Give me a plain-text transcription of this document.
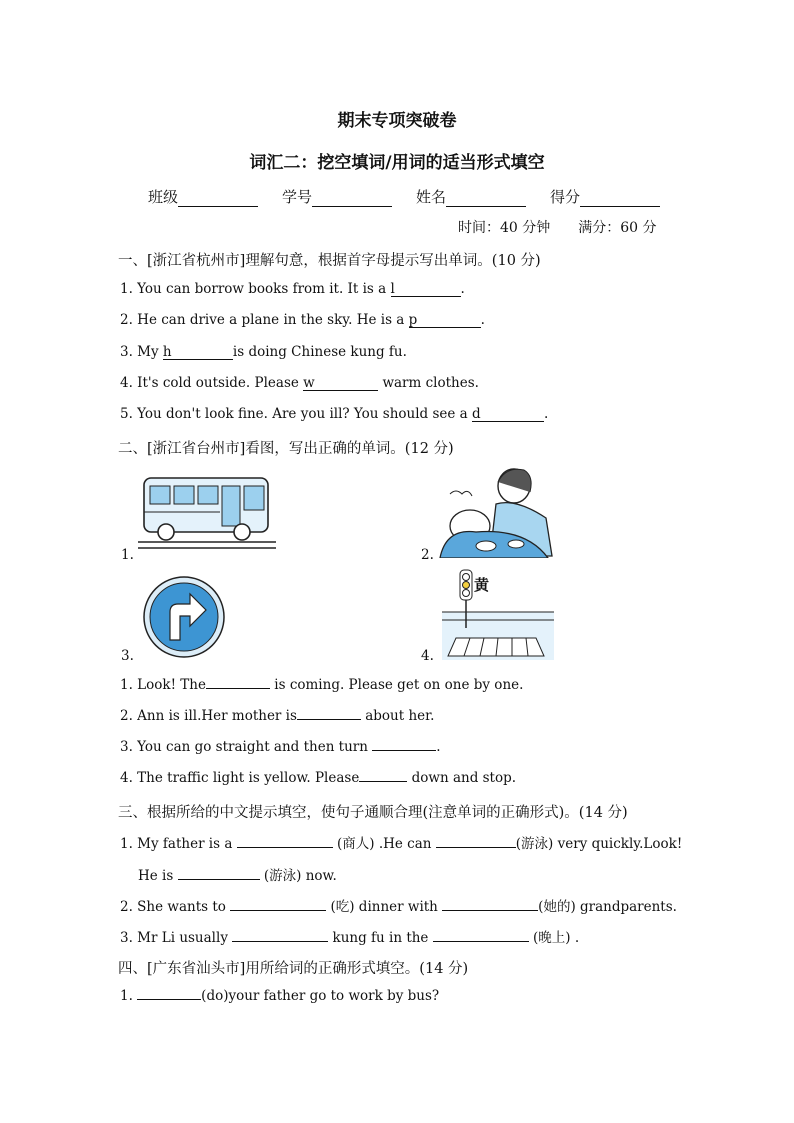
期末专项突破卷
词汇二：挖空填词/用词的适当形式填空
班级	学号	姓名	得分
时间：40 分钟 满分：60 分
一、[浙江省杭州市]理解句意，根据首字母提示写出单词。(10 分)
1. You can borrow books from it. It is a l	.
2. He can drive a plane in the sky. He is a p	.
3. My h	is doing Chinese kung fu.
4. It's cold outside. Please w	warm clothes.
5. You don't look fine. Are you ill? You should see a d	.
二、[浙江省台州市]看图，写出正确的单词。(12 分)
1.	2.
3.
黄
4.
1. Look! The	is coming. Please get on one by one.
2. Ann is ill.Her mother is	about her.
3. You can go straight and then turn	.
4. The traffic light is yellow. Please	down and stop.
三、根据所给的中文提示填空，使句子通顺合理(注意单词的正确形式)。(14 分)
1. My father is a	(商人) .He can	(游泳) very quickly.Look!
He is	(游泳) now.
2. She wants to	(吃) dinner with	(她的) grandparents.
3. Mr Li usually	kung fu in the	(晚上) .
四、[广东省汕头市]用所给词的正确形式填空。(14 分)
1.	(do)your father go to work by bus?
